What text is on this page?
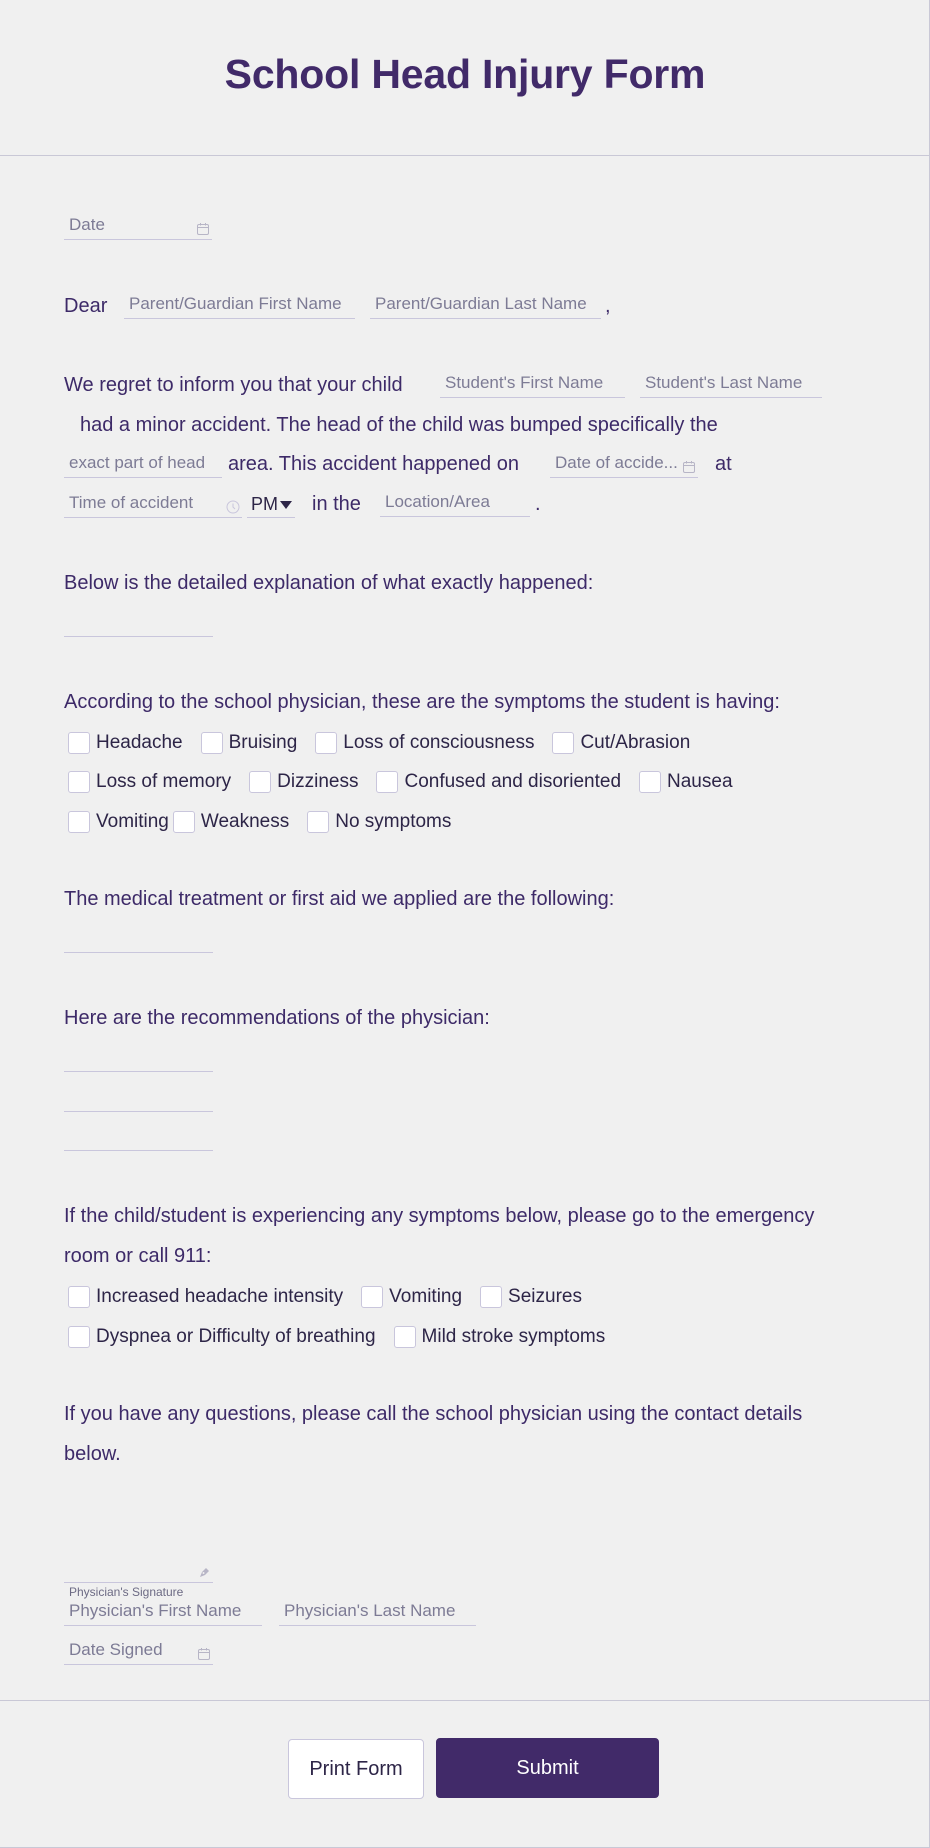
School Head Injury Form
Date
Dear Parent/Guardian First Name	Parent/Guardian Last Name ,
We regret to inform you that your child Student's First Name	Student's Last Name
had a minor accident. The head of the child was bumped specifically the
exact part of head	area. This accident happened on Date of accide...	at
Time of accident	PM	in the Location/Area	.
Below is the detailed explanation of what exactly happened:
According to the school physician, these are the symptoms the student is having:
Headache Bruising Loss of consciousness Cut/Abrasion
Loss of memory Dizziness Confused and disoriented Nausea
Vomiting Weakness No symptoms
The medical treatment or first aid we applied are the following:
Here are the recommendations of the physician:
If the child/student is experiencing any symptoms below, please go to the emergency
room or call 911:
Increased headache intensity Vomiting Seizures
Dyspnea or Difficulty of breathing Mild stroke symptoms
If you have any questions, please call the school physician using the contact details
below.
Physician's Signature
Physician's First Name	Physician's Last Name
Date Signed
Print Form	Submit
